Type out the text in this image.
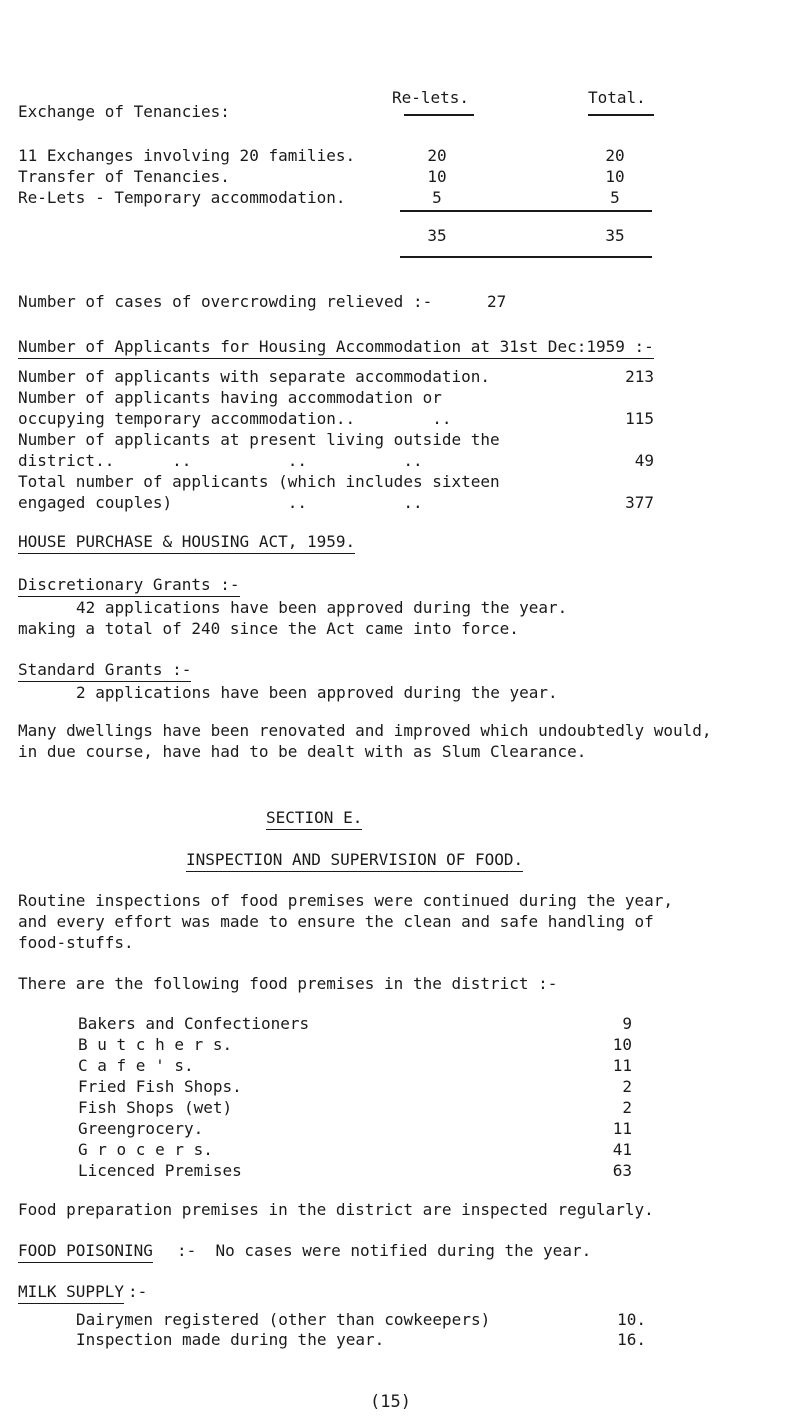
Re-lets.	Total.
Exchange of Tenancies:
11 Exchanges involving 20 families.	20	20
Transfer of Tenancies.	10	10
Re-Lets - Temporary accommodation.	5	5
35	35
Number of cases of overcrowding relieved :-	27
Number of Applicants for Housing Accommodation at 31st Dec:1959 :-
Number of applicants with separate accommodation.	213
Number of applicants having accommodation or
occupying temporary accommodation..        ..	115
Number of applicants at present living outside the
district..      ..          ..          ..	49
Total number of applicants (which includes sixteen
engaged couples)            ..          ..	377
HOUSE PURCHASE & HOUSING ACT, 1959.
Discretionary Grants :-
42 applications have been approved during the year.
making a total of 240 since the Act came into force.
Standard Grants :-
2 applications have been approved during the year.
Many dwellings have been renovated and improved which undoubtedly would,
in due course, have had to be dealt with as Slum Clearance.
SECTION E.
INSPECTION AND SUPERVISION OF FOOD.
Routine inspections of food premises were continued during the year,
and every effort was made to ensure the clean and safe handling of
food-stuffs.
There are the following food premises in the district :-
Bakers and Confectioners	9
B u t c h e r s.	10
C a f e ' s.	11
Fried Fish Shops.	2
Fish Shops (wet)	2
Greengrocery.	11
G r o c e r s.	41
Licenced Premises	63
Food preparation premises in the district are inspected regularly.
FOOD POISONING :-  No cases were notified during the year.
MILK SUPPLY :-
Dairymen registered (other than cowkeepers)	10.
Inspection made during the year.	16.
(15)
